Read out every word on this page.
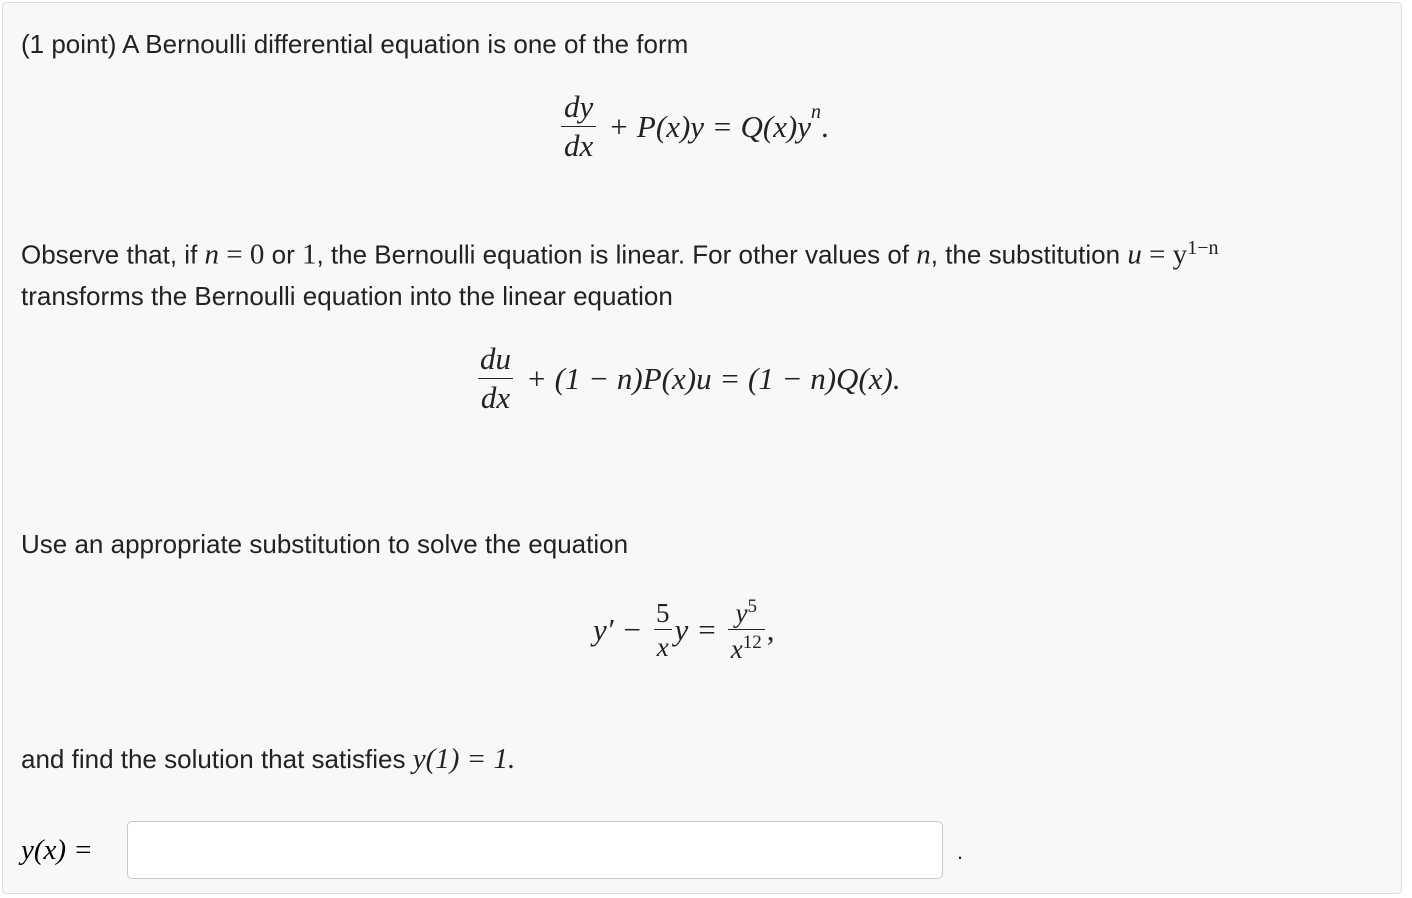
(1 point) A Bernoulli differential equation is one of the form
$\frac{dy}{dx} + P(x)y = Q(x)y^n$ .
Observe that, if n = 0 or 1, the Bernoulli equation is linear. For other values of n, the substitution $u = y^{1-n}$
transforms the Bernoulli equation into the linear equation
$\frac{du}{dx} + (1 - n)P(x)u = (1 - n)Q(x)$.
Use an appropriate substitution to solve the equation
$y' - \frac{5}{x}$ $y = \frac{y^5}{x^{12}}$ ,
and find the solution that satisfies y(1) = 1.
y(x) =	.
